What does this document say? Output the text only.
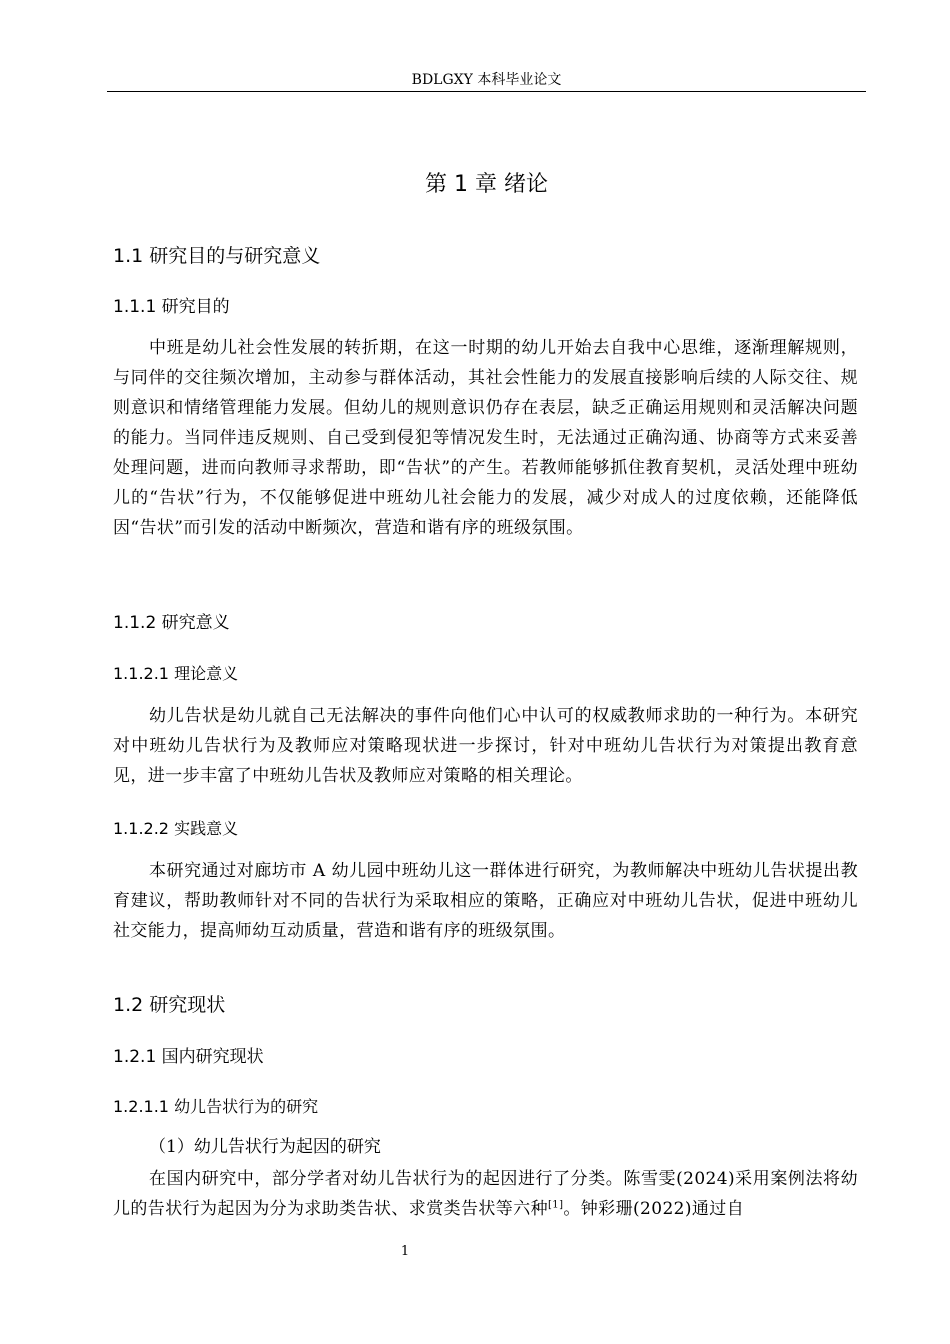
BDLGXY 本科毕业论文
第 1 章 绪论
1.1 研究目的与研究意义
1.1.1 研究目的
中班是幼儿社会性发展的转折期，在这一时期的幼儿开始去自我中心思维，逐渐理解规则，与同伴的交往频次增加，主动参与群体活动，其社会性能力的发展直接影响后续的人际交往、规则意识和情绪管理能力发展。但幼儿的规则意识仍存在表层，缺乏正确运用规则和灵活解决问题的能力。当同伴违反规则、自己受到侵犯等情况发生时，无法通过正确沟通、协商等方式来妥善处理问题，进而向教师寻求帮助，即“告状”的产生。若教师能够抓住教育契机，灵活处理中班幼儿的“告状”行为，不仅能够促进中班幼儿社会能力的发展，减少对成人的过度依赖，还能降低因“告状”而引发的活动中断频次，营造和谐有序的班级氛围。
1.1.2 研究意义
1.1.2.1 理论意义
幼儿告状是幼儿就自己无法解决的事件向他们心中认可的权威教师求助的一种行为。本研究对中班幼儿告状行为及教师应对策略现状进一步探讨，针对中班幼儿告状行为对策提出教育意见，进一步丰富了中班幼儿告状及教师应对策略的相关理论。
1.1.2.2 实践意义
本研究通过对廊坊市 A 幼儿园中班幼儿这一群体进行研究，为教师解决中班幼儿告状提出教育建议，帮助教师针对不同的告状行为采取相应的策略，正确应对中班幼儿告状，促进中班幼儿社交能力，提高师幼互动质量，营造和谐有序的班级氛围。
1.2 研究现状
1.2.1 国内研究现状
1.2.1.1 幼儿告状行为的研究
（1）幼儿告状行为起因的研究
在国内研究中，部分学者对幼儿告状行为的起因进行了分类。陈雪雯(2024)采用案例法将幼儿的告状行为起因为分为求助类告状、求赏类告状等六种[1]。钟彩珊(2022)通过自
1
